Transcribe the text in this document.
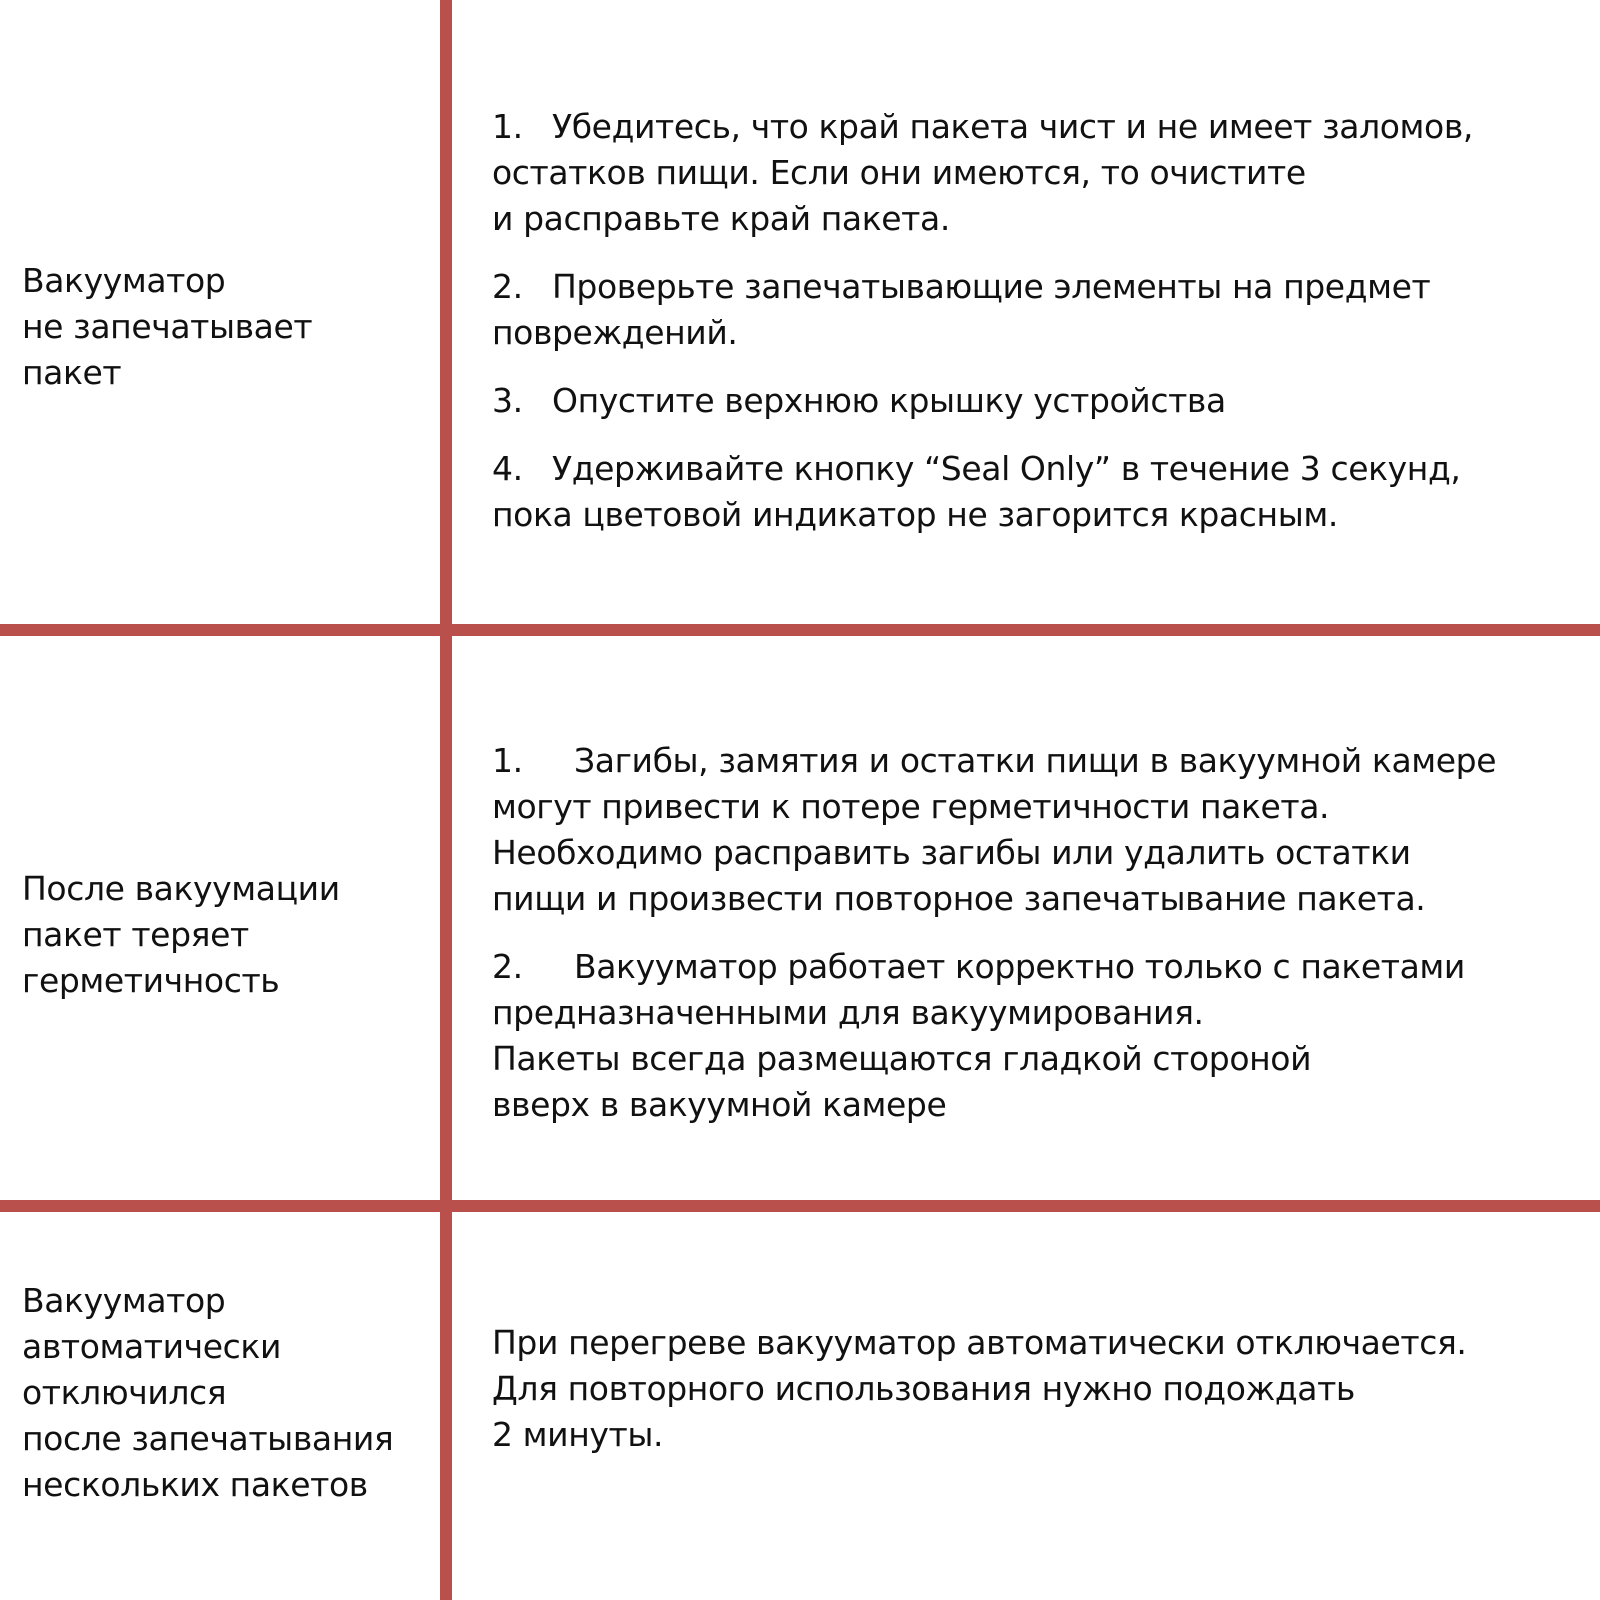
Вакууматор
не запечатывает
пакет
1. Убедитесь, что край пакета чист и не имеет заломов,
остатков пищи. Если они имеются, то очистите
и расправьте край пакета.
2. Проверьте запечатывающие элементы на предмет
повреждений.
3. Опустите верхнюю крышку устройства
4. Удерживайте кнопку “Seal Only” в течение 3 секунд,
пока цветовой индикатор не загорится красным.
После вакуумации
пакет теряет
герметичность
1. Загибы, замятия и остатки пищи в вакуумной камере
могут привести к потере герметичности пакета.
Необходимо расправить загибы или удалить остатки
пищи и произвести повторное запечатывание пакета.
2. Вакууматор работает корректно только с пакетами
предназначенными для вакуумирования.
Пакеты всегда размещаются гладкой стороной
вверх в вакуумной камере
Вакууматор
автоматически
отключился
после запечатывания
нескольких пакетов
При перегреве вакууматор автоматически отключается.
Для повторного использования нужно подождать
2 минуты.
